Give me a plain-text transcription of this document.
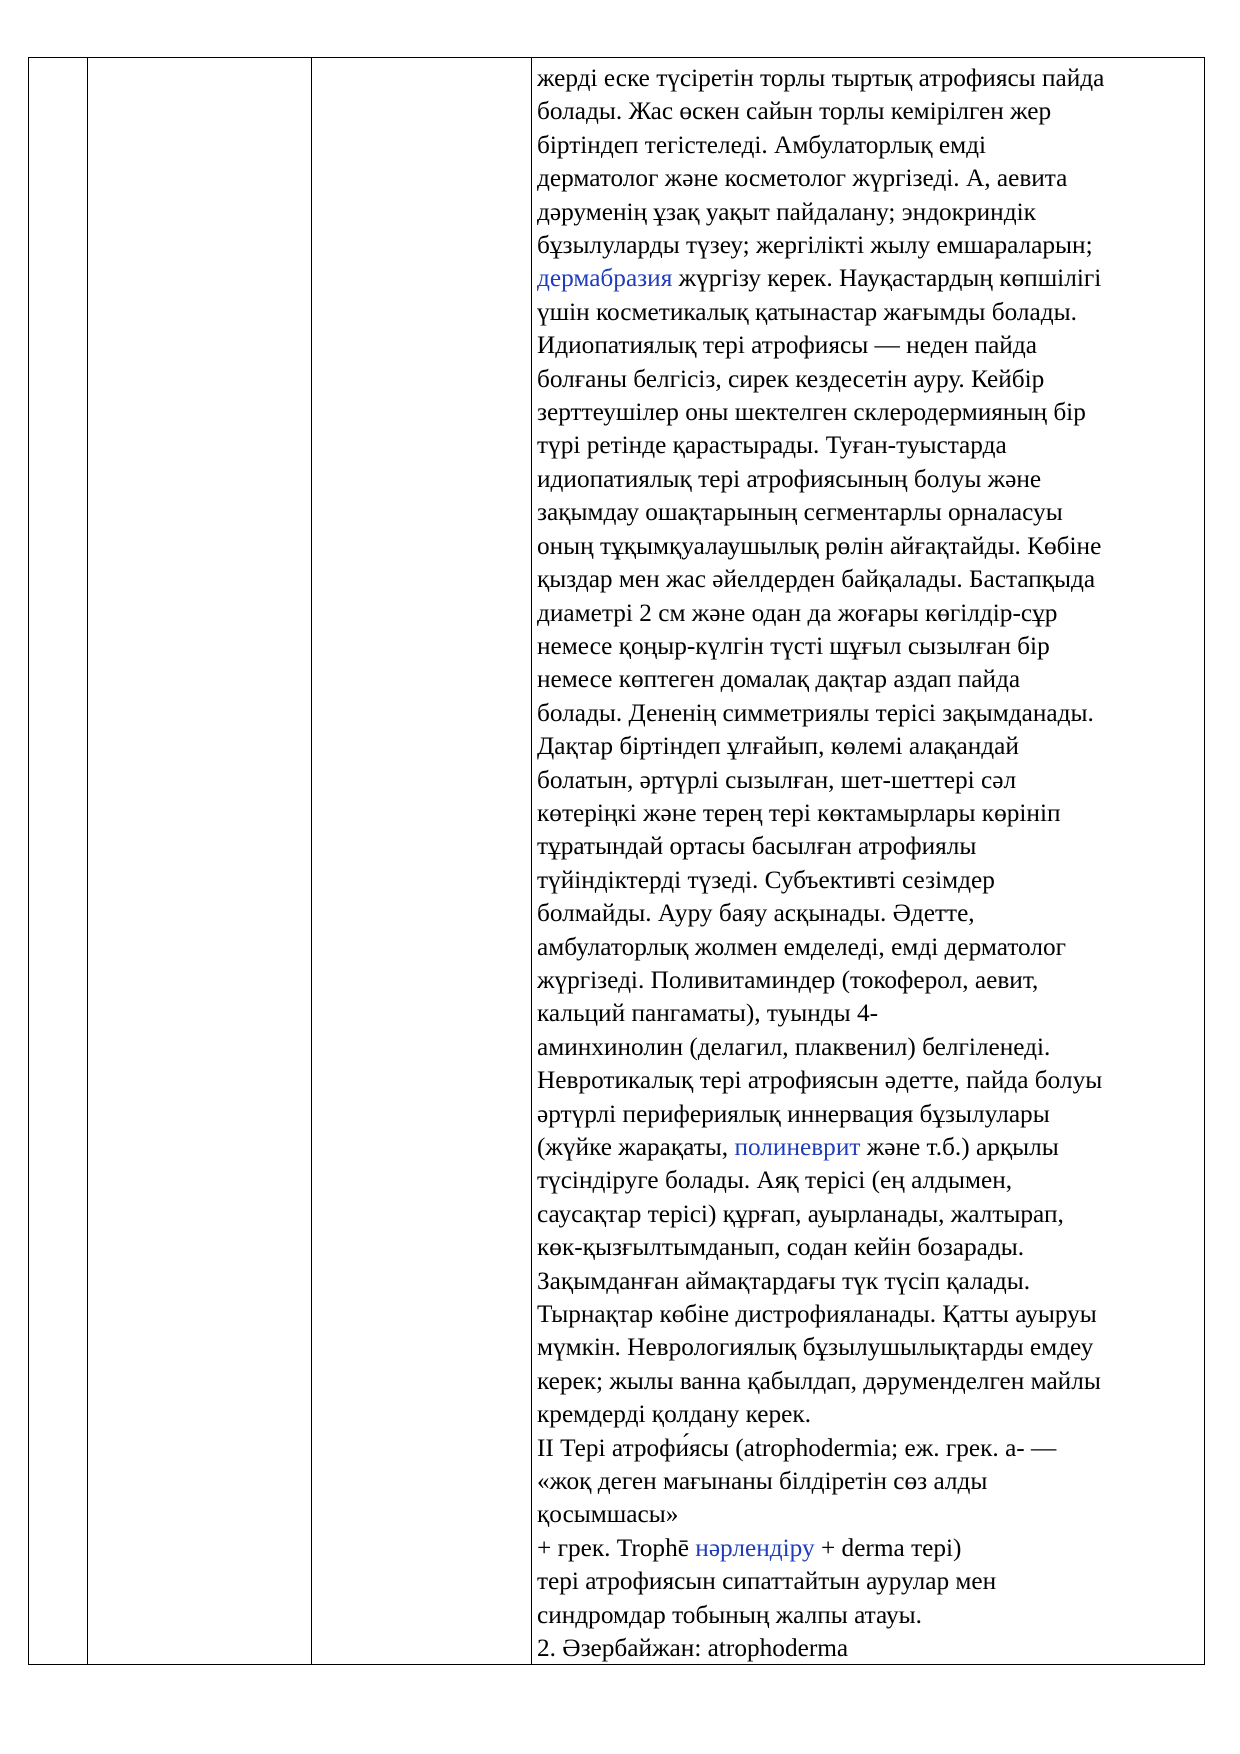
жерді еске түсіретін торлы тыртық атрофиясы пайда
болады. Жас өскен сайын торлы кемірілген жер
біртіндеп тегістеледі. Амбулаторлық емді
дерматолог және косметолог жүргізеді. А, аевита
дәруменің ұзақ уақыт пайдалану; эндокриндік
бұзылуларды түзеу; жергілікті жылу емшараларын;
дермабразия жүргізу керек. Науқастардың көпшілігі
үшін косметикалық қатынастар жағымды болады.
Идиопатиялық тері атрофиясы — неден пайда
болғаны белгісіз, сирек кездесетін ауру. Кейбір
зерттеушілер оны шектелген склеродермияның бір
түрі ретінде қарастырады. Туған-туыстарда
идиопатиялық тері атрофиясының болуы және
зақымдау ошақтарының сегментарлы орналасуы
оның тұқымқуалаушылық рөлін айғақтайды. Көбіне
қыздар мен жас әйелдерден байқалады. Бастапқыда
диаметрі 2 см және одан да жоғары көгілдір-сұр
немесе қоңыр-күлгін түсті шұғыл сызылған бір
немесе көптеген домалақ дақтар аздап пайда
болады. Дененің симметриялы терісі зақымданады.
Дақтар біртіндеп ұлғайып, көлемі алақандай
болатын, әртүрлі сызылған, шет-шеттері сәл
көтеріңкі және терең тері көктамырлары көрініп
тұратындай ортасы басылған атрофиялы
түйіндіктерді түзеді. Субъективті сезімдер
болмайды. Ауру баяу асқынады. Әдетте,
амбулаторлық жолмен емделеді, емді дерматолог
жүргізеді. Поливитаминдер (токоферол, аевит,
кальций пангаматы), туынды 4-
аминхинолин (делагил, плаквенил) белгіленеді.
Невротикалық тері атрофиясын әдетте, пайда болуы
әртүрлі перифериялық иннервация бұзылулары
(жүйке жарақаты, полиневрит және т.б.) арқылы
түсіндіруге болады. Аяқ терісі (ең алдымен,
саусақтар терісі) құрғап, ауырланады, жалтырап,
көк-қызғылтымданып, содан кейін бозарады.
Зақымданған аймақтардағы түк түсіп қалады.
Тырнақтар көбіне дистрофияланады. Қатты ауыруы
мүмкін. Неврологиялық бұзылушылықтарды емдеу
керек; жылы ванна қабылдап, дәруменделген майлы
кремдерді қолдану керек.
II Тері атрофи́ясы (atrophodermia; еж. грек. а- —
«жоқ деген мағынаны білдіретін сөз алды
қосымшасы»
+ грек. Trophē нәрлендіру + derma тері)
тері атрофиясын сипаттайтын аурулар мен
синдромдар тобының жалпы атауы.
2. Әзербайжан: atrophoderma
